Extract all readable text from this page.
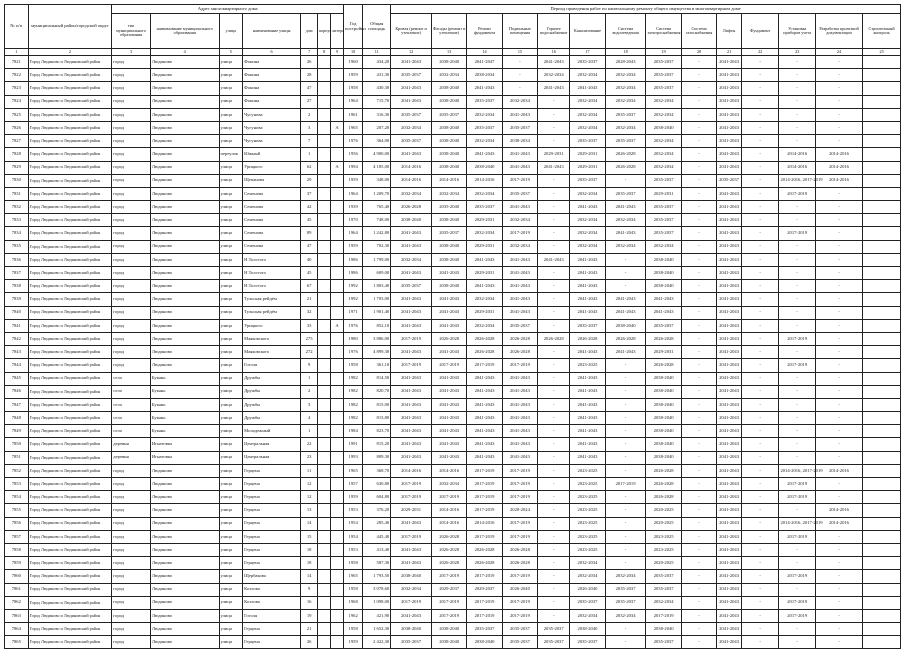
№ п/п	муниципальный район/городской округ	Адрес многоквартирного дома							Год постройки	Общая площадь	Период проведения работ по капитальному ремонту общего имущества в многоквартирном доме													
		тип муниципального образования	наименование муниципального образования	улица	наименование улицы	дом	корпус	литера			Кровля (ремонт и утепление)	Фасады (ремонт и утепление)	Ремонт фундамента	Подвальные помещения	Горячее водоснабжение	Канализование	Система водоотведения	Система электроснабжения	Система газоснабжения	Лифты	Фундамент	Установка приборов учета	Разработка проектной документации	Строительный контроль
1	2	3	4	5	6	7	8	9	10	11	12	13	14	15	16	17	18	19	20	21	22	23	24	25
7821	Город Людиново и Людиновский район	город	Людиново	улица	Фокина	26			1960	434,20	2041-2043	2038-2040	2041-2047	-	2041-2043	2035-2037	2028-2043	2035-2037	-	2041-2043	-	-	-	
7822	Город Людиново и Людиновский район	город	Людиново	улица	Фокина	28			1959	431,30	2035-2037	2032-2034	2038-2034	-	2032-2034	2032-2034	2032-2034	2035-2037	-	2041-2043	-	-	-	
7823	Город Людиново и Людиновский район	город	Людиновo	улица	Фокина	47			1958	430,30	2041-2043	2038-2040	2041-2043	-	2041-2043	2041-2043	2032-2034	2035-2037	-	2041-2043	-	-	-	
7824	Город Людиново и Людиновский район	город	Людиново	улица	Фокина	27			1964	715,70	2041-2043	2038-2040	2035-2037	2032-2034	-	2032-2034	2032-2034	2032-2034	-	2041-2043	-	-	-	
7825	Город Людиново и Людиновский район	город	Людиново	улица	Чугунова	2			1961	316,30	2035-2037	2035-2037	2032-2034	2041-2043	-	2032-2034	2035-2037	2032-2034	-	2041-2043	-	-	-	
7826	Город Людиново и Людиновский район	город	Людиново	улица	Чугунова	3		А	1965	207,20	2032-2034	2038-2040	2035-2037	2035-2037	-	2032-2034	2032-2034	2038-2040	-	2041-2043	-	-	-	
7827	Город Людиново и Людиновский район	город	Людиново	улица	Чугунова	7			1976	364,00	2035-2037	2038-2040	2032-2034	2038-2034	-	2035-2037	2035-2037	2032-2034	-	2041-2043	-	-	-	
7828	Город Людиново и Людиновский район	город	Людиново	переулок	Южный	1			1956	4 900,00	2041-2043	2038-2040	2041-2043	2041-2043	2029-2031	2029-2031	2026-2028	2032-2034	-	2041-2043	-	2014-2016	2014-2016	
7829	Город Людиново и Людиновский район	город	Людиново	улица	Урицкого	62		А	1994	4 185,00	2014-2016	2038-2040	2038-2040	2041-2043	2041-2043	2029-2031	2026-2028	2032-2034	-	2041-2043	-	2014-2016	2014-2016	
7830	Город Людиново и Людиновский район	город	Людиново	улица	Щепанова	29			1959	348,00	2014-2016	2014-2016	2014-2016	2017-2019	-	2035-2037	-	2035-2037	-	2035-2037	-	2014-2016, 2017-2019	2014-2016	
7831	Город Людиново и Людиновский район	город	Людиново	улица	Семенова	37			1964	1 209,70	2032-2034	2032-2034	2032-2034	2035-2037	-	2032-2034	2035-2037	2029-2031	-	2041-2043	-	2017-2019	-	
7832	Город Людиново и Людиновский район	город	Людиново	улица	Семенова	42			1939	765,40	2026-2028	2035-2040	2035-2037	2041-2043	-	2041-2043	2041-2043	2035-2037	-	2041-2043	-	-	-	
7833	Город Людиново и Людиновский район	город	Людиново	улица	Семенова	45			1970	748,00	2038-2040	2038-2040	2029-2031	2032-2034	-	2032-2034	2032-2034	2035-2037	-	2041-2043	-	-	-	
7834	Город Людиново и Людиновский район	город	Людиново	улица	Семенова	89			1964	1 242,80	2041-2043	2035-2037	2032-2034	2017-2019	-	2032-2034	2041-2043	2035-2037	-	2041-2043	-	2017-2019	-	
7835	Город Людиново и Людиновский район	город	Людиново	улица	Семенова	47			1959	702,30	2041-2043	2038-2040	2029-2031	2032-2034	-	2032-2034	2032-2034	2032-2034	-	2041-2043	-	-	-	
7836	Город Людиново и Людиновский район	город	Людиново	улица	Н.Толстого	40			1986	1 799,00	2032-2034	2038-2040	2041-2043	2041-2043	2041-2043	2041-2043	-	2038-2040	-	2041-2043	-	-	-	
7837	Город Людиново и Людиновский район	город	Людиново	улица	Н.Толстого	45			1986	609,00	2041-2043	2041-2043	2029-2031	2041-2043	-	2041-2043	-	2038-2040	-	2041-2043	-	-	-	
7838	Город Людиново и Людиновский район	город	Людиново	улица	Н.Толстого	67			1992	1 803,40	2035-2037	2038-2040	2041-2043	2041-2043	-	2041-2043	-	2038-2040	-	2041-2043	-	-	-	
7839	Город Людиново и Людиновский район	город	Людиново	улица	Тульская рейдём	21			1992	1 703,00	2041-2043	2041-2043	2032-2034	2041-2043	-	2041-2043	2041-2043	2041-2043	-	2041-2043	-	-	-	
7840	Город Людиново и Людиновский район	город	Людиново	улица	Тульская рейдём	32			1971	1 901,40	2041-2043	2041-2043	2029-2031	2041-2043	-	2041-2043	2041-2043	2041-2043	-	2041-2043	-	-	-	
7841	Город Людиново и Людиновский район	город	Людиново	улица	Урицкого	33		А	1976	852,10	2041-2043	2041-2043	2032-2034	2035-2037	-	2035-2037	2038-2040	2035-2037	-	2041-2043	-	-	-	
7842	Город Людиново и Людиновский район	город	Людиново	улица	Маяковского	275			1980	3 886,00	2017-2019	2026-2028	2026-2028	2026-2028	2026-2028	2026-2028	2026-2028	2026-2028	-	2041-2043	-	2017-2019	-	
7843	Город Людиново и Людиновский район	город	Людиново	улица	Маяковского	272			1976	4 899,30	2041-2043	2041-2043	2026-2028	2026-2028	-	2041-2043	2041-2043	2029-2031	-	2041-2043	-	-	-	
7844	Город Людиново и Людиновский район	город	Людиново	улица	Гоголя	9			1958	361,10	2017-2019	2017-2019	2017-2019	2017-2019	-	2023-2025	-	2026-2028	-	2041-2043	-	2017-2019	-	
7845	Город Людиново и Людиновский район	село	Букань	улица	Дружбы	1			1982	814,50	2041-2043	2041-2043	2041-2043	2041-2043	-	2041-2043	-	2038-2040	-	2041-2043	-	-	-	
7846	Город Людиново и Людиновский район	село	Букань	улица	Дружбы	2			1982	820,70	2041-2043	2041-2043	2041-2043	2041-2043	-	2041-2043	-	2038-2040	-	2041-2043	-	-	-	
7847	Город Людиново и Людиновский район	село	Букань	улица	Дружбы	3			1982	815,00	2041-2043	2041-2043	2041-2043	2041-2043	-	2041-2043	-	2038-2040	-	2041-2043	-	-	-	
7848	Город Людиново и Людиновский район	село	Букань	улица	Дружбы	4			1982	813,80	2041-2043	2041-2043	2041-2043	2041-2043	-	2041-2043	-	2038-2040	-	2041-2043	-	-	-	
7849	Город Людиново и Людиновский район	село	Букань	улица	Молодежный	1			1984	823,70	2041-2043	2041-2043	2041-2043	2041-2043	-	2041-2043	-	2038-2040	-	2041-2043	-	-	-	
7850	Город Людиново и Людиновский район	деревня	Игнатовка	улица	Центральная	22			1991	815,20	2041-2043	2041-2043	2041-2043	2041-2043	-	2041-2043	-	2038-2040	-	2041-2043	-	-	-	
7851	Город Людиново и Людиновский район	деревня	Игнатовка	улица	Центральная	23			1993	809,30	2041-2043	2041-2043	2041-2043	2041-2043	-	2041-2043	-	2038-2040	-	2041-2043	-	-	-	
7852	Город Людиново и Людиновский район	город	Людиново	улица	Герцена	11			1965	368,70	2014-2016	2014-2016	2017-2019	2017-2019	-	2023-2025	-	2026-2028	-	2041-2043	-	2014-2016, 2017-2019	2014-2016	
7853	Город Людиново и Людиновский район	город	Людиново	улица	Герцена	12			1957	630,80	2017-2019	2032-2034	2017-2019	2017-2019	-	2023-2025	2017-2019	2026-2028	-	2041-2043	-	2017-2019	-	
7854	Город Людиново и Людиновский район	город	Людиново	улица	Герцена	12			1959	604,80	2017-2019	2017-2019	2017-2019	2017-2019	-	2023-2025	-	2026-2028	-	2041-2043	-	2017-2019	-	
7855	Город Людиново и Людиновский район	город	Людиново	улица	Герцена	13			1953	376,20	2029-2031	2014-2016	2017-2019	2020-2024	-	2023-2025	-	2020-2025	-	2041-2043	-	-	2014-2016	
7856	Город Людиново и Людиновский район	город	Людиново	улица	Герцена	14			1954	285,40	2041-2043	2014-2016	2014-2016	2017-2019	-	2023-2025	-	2020-2025	-	2041-2043	-	2014-2016, 2017-2019	2014-2016	
7857	Город Людиново и Людиновский район	город	Людиново	улица	Герцена	15			1954	445,40	2017-2019	2026-2028	2017-2019	2017-2019	-	2023-2025	-	2023-2025	-	2041-2043	-	2017-2019	-	
7858	Город Людиново и Людиновский район	город	Людиново	улица	Герцена	18			1953	413,40	2041-2043	2026-2028	2026-2028	2026-2028	-	2023-2025	-	2023-2025	-	2041-2043	-	-	-	
7859	Город Людиново и Людиновский район	город	Людиново	улица	Герцена	18			1958	587,30	2041-2043	2026-2028	2026-2028	2026-2028	-	2032-2034	-	2020-2025	-	2041-2043	-	-	-	
7860	Город Людиново и Людиновский район	город	Людиново	улица	Щербакова	14			1965	1 793,50	2038-2040	2017-2019	2017-2019	2017-2019	-	2032-2034	2032-2034	2035-2037	-	2041-2043	-	2017-2019	-	
7861	Город Людиново и Людиновский район	город	Людиново	улица	Козлова	9			1958	3 078,60	2032-2034	2029-2037	2029-2037	2026-2040	-	2026-2040	2035-2037	2035-2037	-	2041-2043	-	-	-	
7862	Город Людиново и Людиновский район	город	Людиново	улица	Козлова	16			1968	1 098,00	2017-2019	2017-2019	2017-2019	2017-2019	-	2035-2037	2035-2037	2032-2034	-	2041-2043	-	2017-2019	-	
7863	Город Людиново и Людиновский район	город	Людиново	улица	Гоголя	19			1962	421,90	2041-2043	2017-2019	2017-2019	2017-2019	-	2032-2034	2032-2034	2017-2019	-	2041-2043	-	2017-2019	-	
7864	Город Людиново и Людиновский район	город	Людиново	улица	Герцена	21			1958	1 652,30	2038-2040	2038-2040	2035-2037	2035-2037	2035-2037	2038-2040	-	2038-2040	-	2041-2043	-	-	-	
7865	Город Людиново и Людиновский район	город	Людиново	улица	Герцена	26			1959	2 422,30	2035-2037	2038-2040	2038-2040	2035-2037	2035-2037	2035-2037	-	2035-2037	-	2041-2043	-	-	-	
